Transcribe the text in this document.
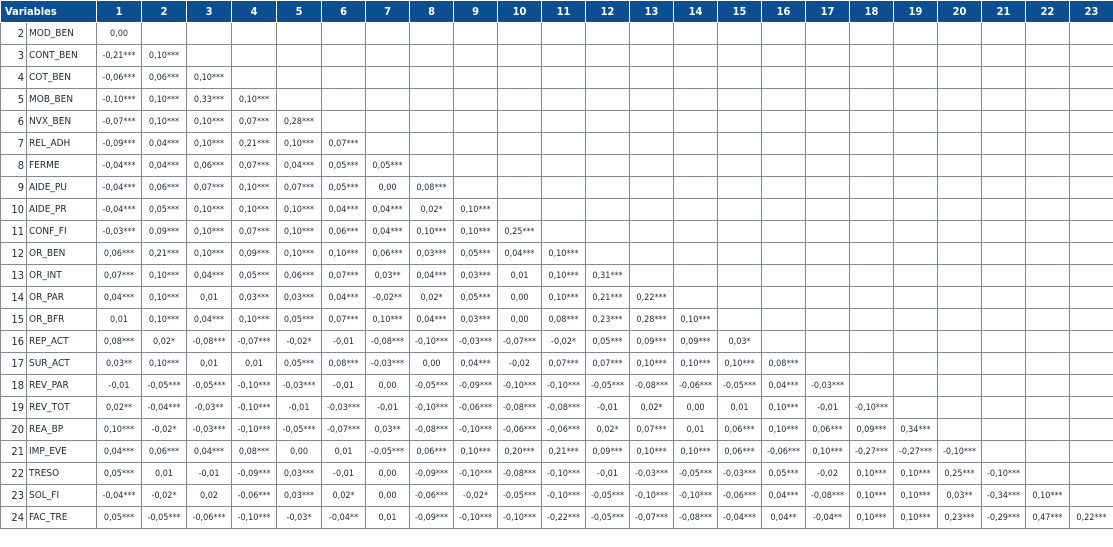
Variables		1	2	3	4	5	6	7	8	9	10	11	12	13	14	15	16	17	18	19	20	21	22	23
2	MOD_BEN	0,00																						
3	CONT_BEN	-0,21***	0,10***																					
4	COT_BEN	-0,06***	0,06***	0,10***																				
5	MOB_BEN	-0,10***	0,10***	0,33***	0,10***																			
6	NVX_BEN	-0,07***	0,10***	0,10***	0,07***	0,28***																		
7	REL_ADH	-0,09***	0,04***	0,10***	0,21***	0,10***	0,07***																	
8	FERME	-0,04***	0,04***	0,06***	0,07***	0,04***	0,05***	0,05***																
9	AIDE_PU	-0,04***	0,06***	0,07***	0,10***	0,07***	0,05***	0,00	0,08***															
10	AIDE_PR	-0,04***	0,05***	0,10***	0,10***	0,10***	0,04***	0,04***	0,02*	0,10***														
11	CONF_FI	-0,03***	0,09***	0,10***	0,07***	0,10***	0,06***	0,04***	0,10***	0,10***	0,25***													
12	OR_BEN	0,06***	0,21***	0,10***	0,09***	0,10***	0,10***	0,06***	0,03***	0,05***	0,04***	0,10***												
13	OR_INT	0,07***	0,10***	0,04***	0,05***	0,06***	0,07***	0,03**	0,04***	0,03***	0,01	0,10***	0,31***											
14	OR_PAR	0,04***	0,10***	0,01	0,03***	0,03***	0,04***	-0,02**	0,02*	0,05***	0,00	0,10***	0,21***	0,22***										
15	OR_BFR	0,01	0,10***	0,04***	0,10***	0,05***	0,07***	0,10***	0,04***	0,03***	0,00	0,08***	0,23***	0,28***	0,10***									
16	REP_ACT	0,08***	0,02*	-0,08***	-0,07***	-0,02*	-0,01	-0,08***	-0,10***	-0,03***	-0,07***	-0,02*	0,05***	0,09***	0,09***	0,03*								
17	SUR_ACT	0,03**	0,10***	0,01	0,01	0,05***	0,08***	-0,03***	0,00	0,04***	-0,02	0,07***	0,07***	0,10***	0,10***	0,10***	0,08***							
18	REV_PAR	-0,01	-0,05***	-0,05***	-0,10***	-0,03***	-0,01	0,00	-0,05***	-0,09***	-0,10***	-0,10***	-0,05***	-0,08***	-0,06***	-0,05***	0,04***	-0,03***						
19	REV_TOT	0,02**	-0,04***	-0,03**	-0,10***	-0,01	-0,03***	-0,01	-0,10***	-0,06***	-0,08***	-0,08***	-0,01	0,02*	0,00	0,01	0,10***	-0,01	-0,10***					
20	REA_BP	0,10***	-0,02*	-0,03***	-0,10***	-0,05***	-0,07***	0,03**	-0,08***	-0,10***	-0,06***	-0,06***	0,02*	0,07***	0,01	0,06***	0,10***	0,06***	0,09***	0,34***				
21	IMP_EVE	0,04***	0,06***	0,04***	0,08***	0,00	0,01	-0,05***	0,06***	0,10***	0,20***	0,21***	0,09***	0,10***	0,10***	0,06***	-0,06***	0,10***	-0,27***	-0,27***	-0,10***			
22	TRESO	0,05***	0,01	-0,01	-0,09***	0,03***	-0,01	0,00	-0,09***	-0,10***	-0,08***	-0,10***	-0,01	-0,03***	-0,05***	-0,03***	0,05***	-0,02	0,10***	0,10***	0,25***	-0,10***		
23	SOL_FI	-0,04***	-0,02*	0,02	-0,06***	0,03***	0,02*	0,00	-0,06***	-0,02*	-0,05***	-0,10***	-0,05***	-0,10***	-0,10***	-0,06***	0,04***	-0,08***	0,10***	0,10***	0,03**	-0,34***	0,10***	
24	FAC_TRE	0,05***	-0,05***	-0,06***	-0,10***	-0,03*	-0,04**	0,01	-0,09***	-0,10***	-0,10***	-0,22***	-0,05***	-0,07***	-0,08***	-0,04***	0,04**	-0,04**	0,10***	0,10***	0,23***	-0,29***	0,47***	0,22***
